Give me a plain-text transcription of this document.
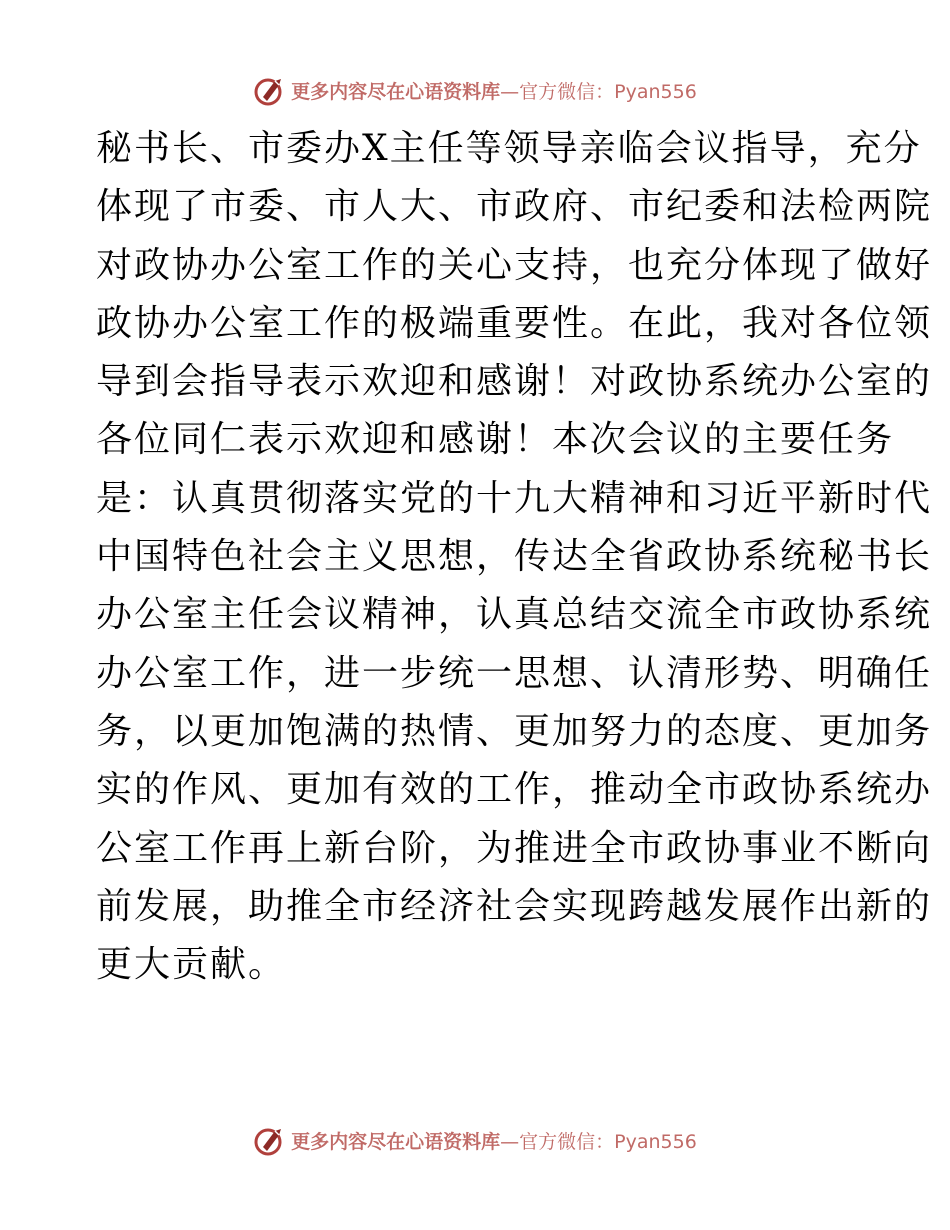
更多内容尽在心语资料库 —官方微信：Pyan556
秘书长、市委办X主任等领导亲临会议指导，充分
体现了市委、市人大、市政府、市纪委和法检两院
对政协办公室工作的关心支持，也充分体现了做好
政协办公室工作的极端重要性。在此，我对各位领
导到会指导表示欢迎和感谢！对政协系统办公室的
各位同仁表示欢迎和感谢！本次会议的主要任务
是：认真贯彻落实党的十九大精神和习近平新时代
中国特色社会主义思想，传达全省政协系统秘书长
办公室主任会议精神，认真总结交流全市政协系统
办公室工作，进一步统一思想、认清形势、明确任
务，以更加饱满的热情、更加努力的态度、更加务
实的作风、更加有效的工作，推动全市政协系统办
公室工作再上新台阶，为推进全市政协事业不断向
前发展，助推全市经济社会实现跨越发展作出新的
更大贡献。
更多内容尽在心语资料库 —官方微信：Pyan556
